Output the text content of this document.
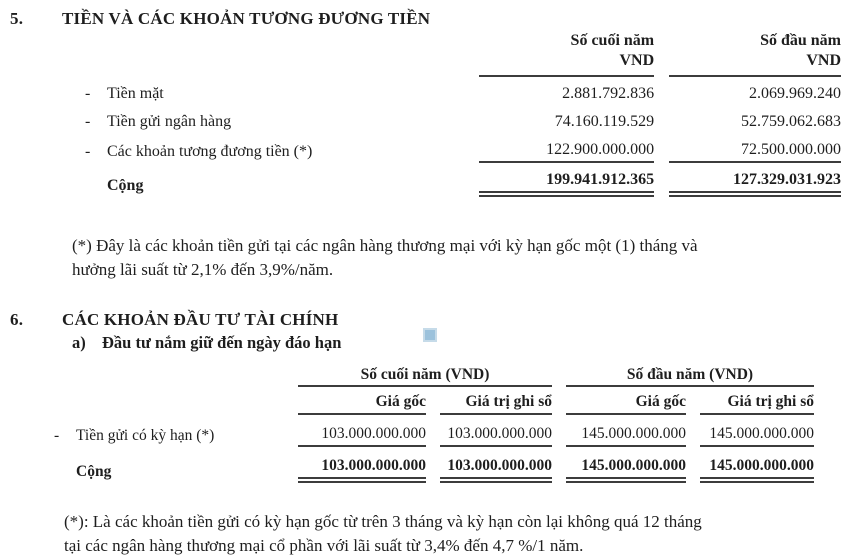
5.	TIỀN VÀ CÁC KHOẢN TƯƠNG ĐƯƠNG TIỀN

Số cuối năm
VND

Số đầu năm
VND

- Tiền mặt	2.881.792.836	2.069.969.240
- Tiền gửi ngân hàng	74.160.119.529	52.759.062.683
- Các khoản tương đương tiền (*)	122.900.000.000	72.500.000.000
Cộng	199.941.912.365	127.329.031.923
(*) Đây là các khoản tiền gửi tại các ngân hàng thương mại với kỳ hạn gốc một (1) tháng và
hưởng lãi suất từ 2,1% đến 3,9%/năm.
6.	CÁC KHOẢN ĐẦU TƯ TÀI CHÍNH
a) Đầu tư nắm giữ đến ngày đáo hạn
	Số cuối năm (VND)		Số đầu năm (VND)	
	Giá gốc	Giá trị ghi sổ	Giá gốc	Giá trị ghi sổ
- Tiền gửi có kỳ hạn (*)	103.000.000.000	103.000.000.000	145.000.000.000	145.000.000.000
Cộng	103.000.000.000	103.000.000.000	145.000.000.000	145.000.000.000
(*): Là các khoản tiền gửi có kỳ hạn gốc từ trên 3 tháng và kỳ hạn còn lại không quá 12 tháng
tại các ngân hàng thương mại cổ phần với lãi suất từ 3,4% đến 4,7 %/1 năm.
